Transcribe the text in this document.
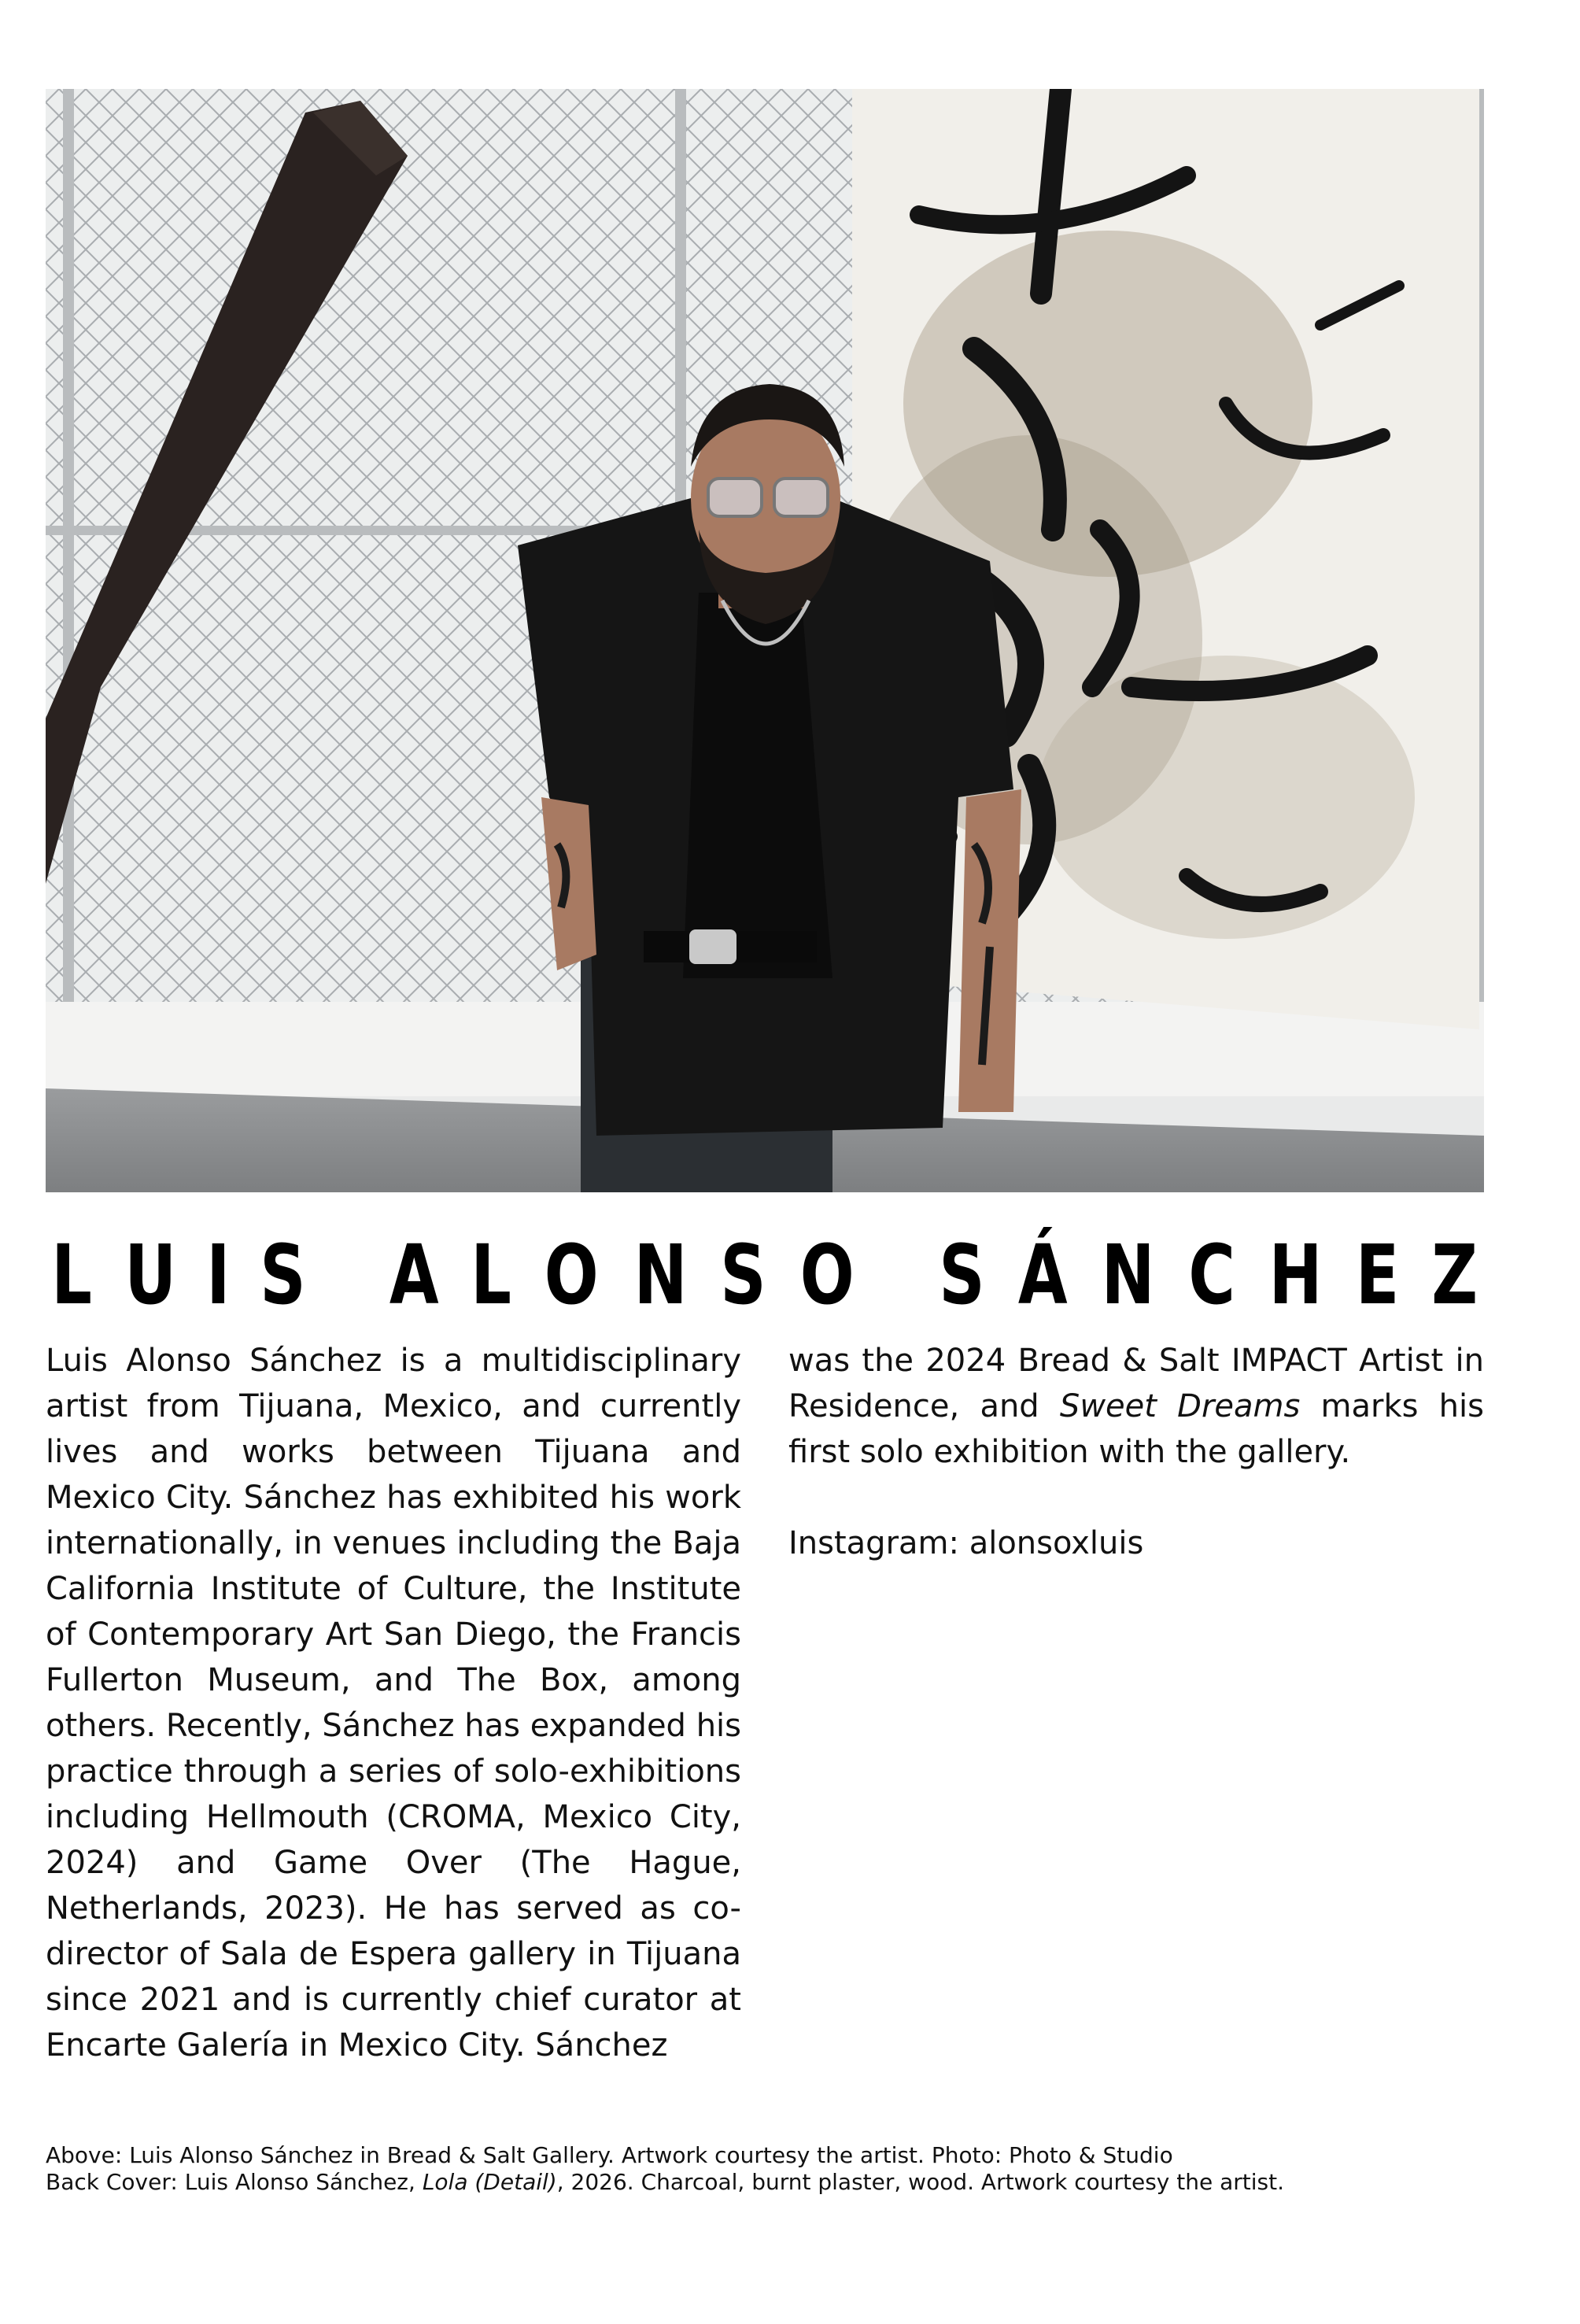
L U I S A L O N S O S Á N C H E Z

Luis Alonso Sánchez is a multidisciplinary artist from Tijuana, Mexico, and currently lives and works between Tijuana and Mexico City. Sánchez has exhibited his work internationally, in venues including the Baja California Institute of Culture, the Institute of Contemporary Art San Diego, the Francis Fullerton Museum, and The Box, among others. Recently, Sánchez has expanded his practice through a series of solo-exhibitions including Hellmouth (CROMA, Mexico City, 2024) and Game Over (The Hague, Netherlands, 2023). He has served as co-director of Sala de Espera gallery in Tijuana since 2021 and is currently chief curator at Encarte Galería in Mexico City. Sánchez

was the 2024 Bread & Salt IMPACT Artist in Residence, and Sweet Dreams marks his first solo exhibition with the gallery.

Instagram: alonsoxluis

Above: Luis Alonso Sánchez in Bread & Salt Gallery. Artwork courtesy the artist. Photo: Photo & Studio
Back Cover: Luis Alonso Sánchez, Lola (Detail), 2026. Charcoal, burnt plaster, wood. Artwork courtesy the artist.
